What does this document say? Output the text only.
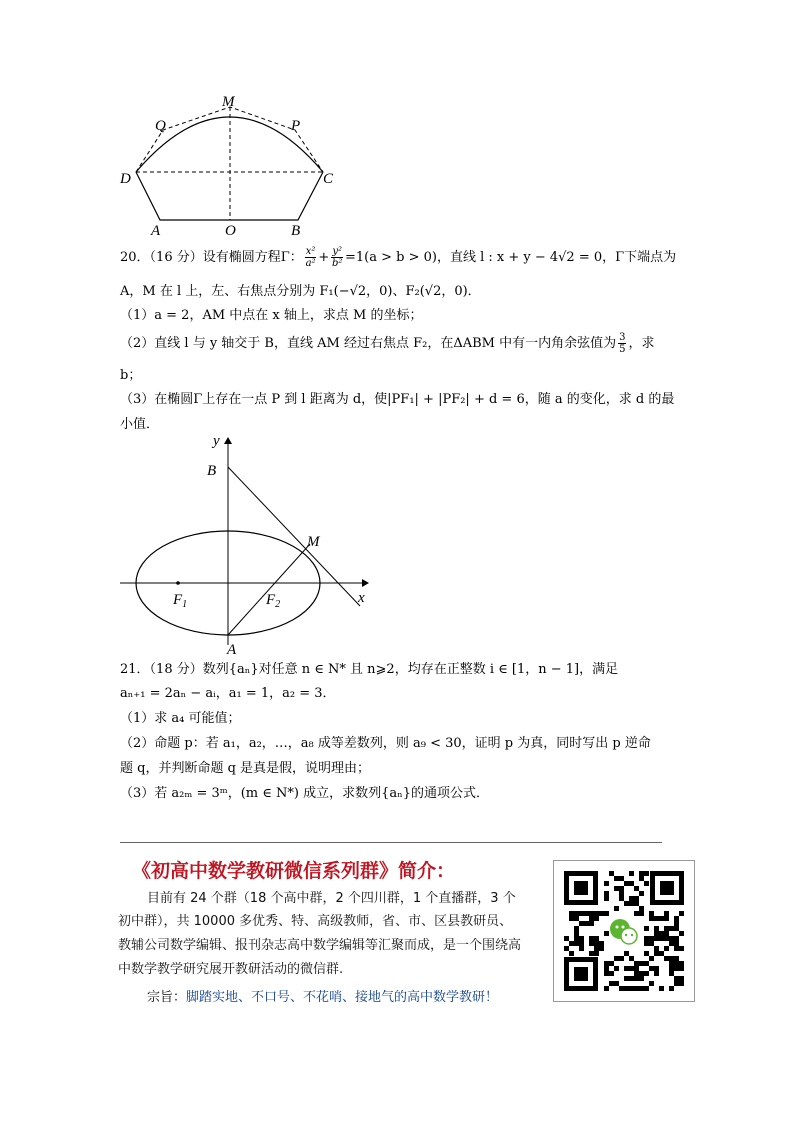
M
Q	P
D	C
A	O	B
20．（16 分）设有椭圆方程Γ： $\frac{\text{x²}}{\text{a²}} + \frac{\text{y²}}{\text{b²}} =1(a > b > 0)$，直线 l : x + y − 4√2 = 0，Γ下端点为
A，M 在 l 上，左、右焦点分别为 F₁(−√2，0)、F₂(√2，0)．
（1）a = 2，AM 中点在 x 轴上，求点 M 的坐标；
（2）直线 l 与 y 轴交于 B，直线 AM 经过右焦点 F₂，在ΔABM 中有一内角余弦值为 $\frac{3}{5}$ ，求
b；
（3）在椭圆Γ上存在一点 P 到 l 距离为 d，使|PF₁| + |PF₂| + d = 6，随 a 的变化，求 d 的最
小值．
y
B
M
$F_1$	$F_2$	x
A
21．（18 分）数列{aₙ}对任意 n ∈ N* 且 n⩾2，均存在正整数 i ∈ [1，n − 1]，满足
aₙ₊₁ = 2aₙ − aᵢ，a₁ = 1，a₂ = 3．
（1）求 a₄ 可能值；
（2）命题 p：若 a₁，a₂，…，a₈ 成等差数列，则 a₉ < 30，证明 p 为真，同时写出 p 逆命
题 q，并判断命题 q 是真是假，说明理由；
（3）若 a₂ₘ = 3ᵐ，(m ∈ N*) 成立，求数列{aₙ}的通项公式．
《初高中数学教研微信系列群》简介：
目前有 24 个群（18 个高中群，2 个四川群，1 个直播群，3 个
初中群），共 10000 多优秀、特、高级教师，省、市、区县教研员、
教辅公司数学编辑、报刊杂志高中数学编辑等汇聚而成，是一个围绕高
中数学教学研究展开教研活动的微信群.
宗旨：脚踏实地、不口号、不花哨、接地气的高中数学教研！
